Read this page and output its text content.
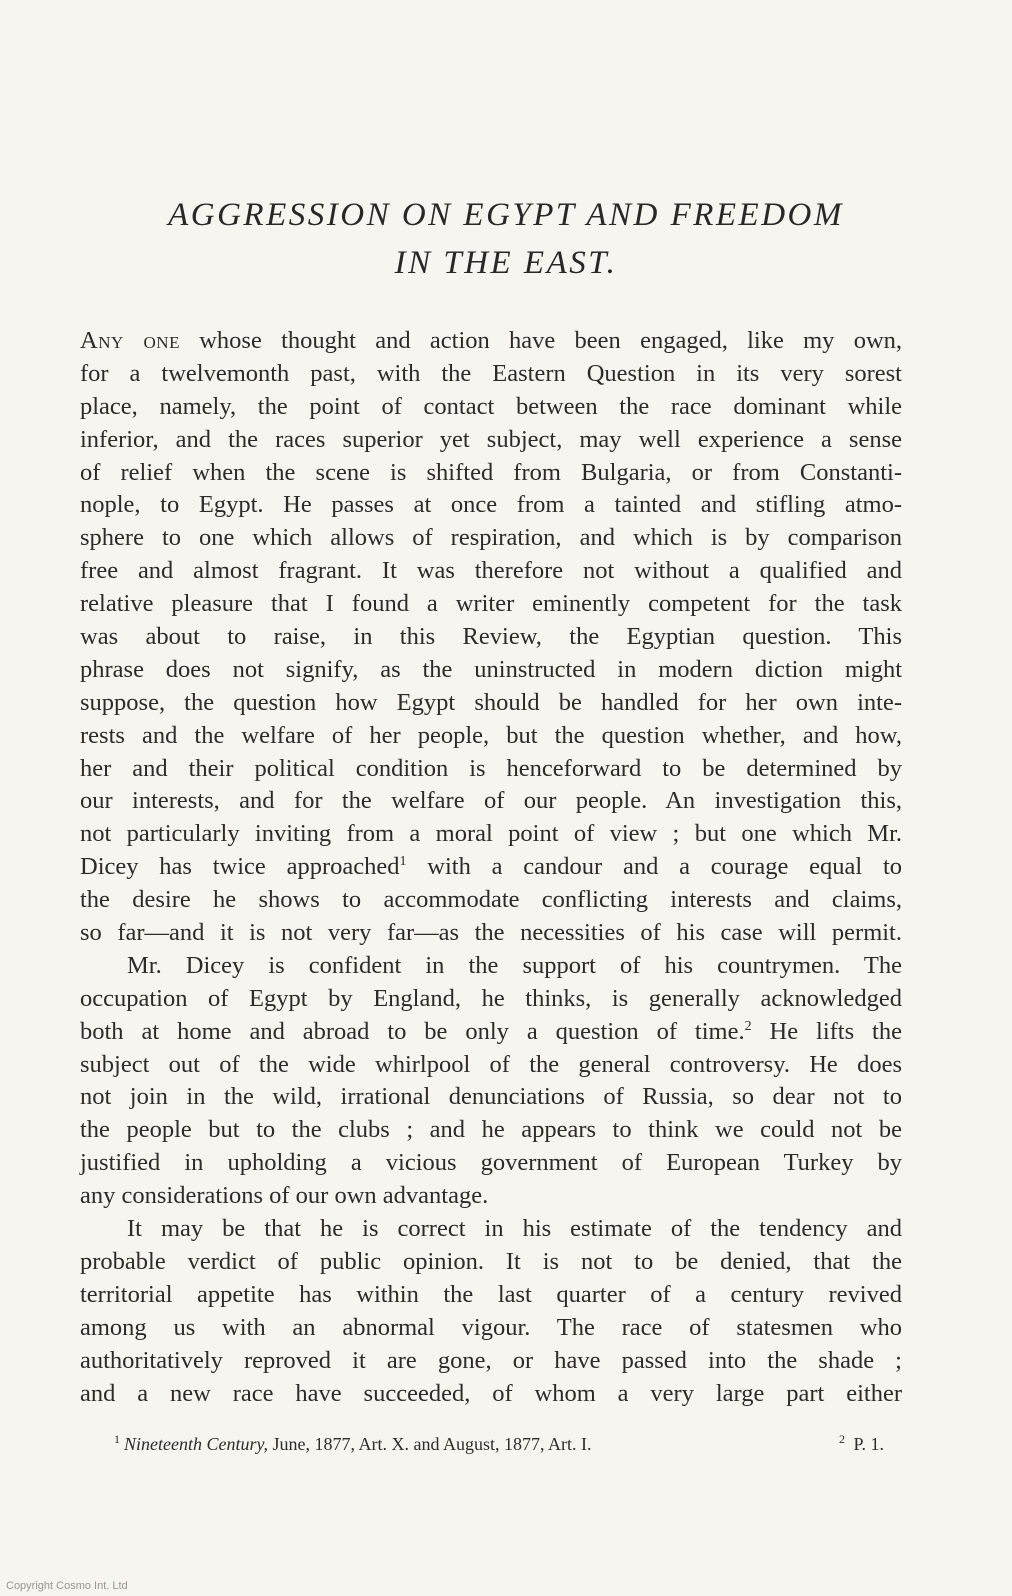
AGGRESSION ON EGYPT AND FREEDOM
IN THE EAST.
Any one whose thought and action have been engaged, like my own,
for a twelvemonth past, with the Eastern Question in its very sorest
place, namely, the point of contact between the race dominant while
inferior, and the races superior yet subject, may well experience a sense
of relief when the scene is shifted from Bulgaria, or from Constanti-
nople, to Egypt. He passes at once from a tainted and stifling atmo-
sphere to one which allows of respiration, and which is by comparison
free and almost fragrant. It was therefore not without a qualified and
relative pleasure that I found a writer eminently competent for the task
was about to raise, in this Review, the Egyptian question. This
phrase does not signify, as the uninstructed in modern diction might
suppose, the question how Egypt should be handled for her own inte-
rests and the welfare of her people, but the question whether, and how,
her and their political condition is henceforward to be determined by
our interests, and for the welfare of our people. An investigation this,
not particularly inviting from a moral point of view ; but one which Mr.
Dicey has twice approached$^1$ with a candour and a courage equal to
the desire he shows to accommodate conflicting interests and claims,
so far—and it is not very far—as the necessities of his case will permit.
Mr. Dicey is confident in the support of his countrymen. The
occupation of Egypt by England, he thinks, is generally acknowledged
both at home and abroad to be only a question of time.$^2$ He lifts the
subject out of the wide whirlpool of the general controversy. He does
not join in the wild, irrational denunciations of Russia, so dear not to
the people but to the clubs ; and he appears to think we could not be
justified in upholding a vicious government of European Turkey by
any considerations of our own advantage.
It may be that he is correct in his estimate of the tendency and
probable verdict of public opinion. It is not to be denied, that the
territorial appetite has within the last quarter of a century revived
among us with an abnormal vigour. The race of statesmen who
authoritatively reproved it are gone, or have passed into the shade ;
and a new race have succeeded, of whom a very large part either
$^1$ Nineteenth Century, June, 1877, Art. X. and August, 1877, Art. I.	$^2$ P. 1.
Copyright Cosmo Int. Ltd
